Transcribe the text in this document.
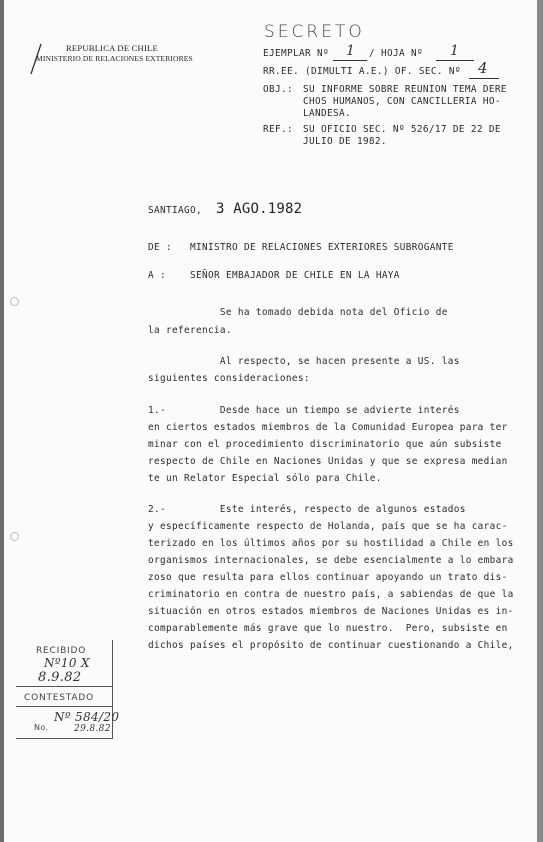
REPUBLICA DE CHILE
MINISTERIO DE RELACIONES EXTERIORES
SECRETO
EJEMPLAR Nº 1 / HOJA Nº 1
RR.EE. (DIMULTI A.E.) OF. SEC. Nº 4
OBJ.: SU INFORME SOBRE REUNION TEMA DERE
CHOS HUMANOS, CON CANCILLERIA HO-
LANDESA.
REF.: SU OFICIO SEC. Nº 526/17 DE 22 DE
JULIO DE 1982.
SANTIAGO, 3 AGO.1982
DE : MINISTRO DE RELACIONES EXTERIORES SUBROGANTE
A :	SEÑOR EMBAJADOR DE CHILE EN LA HAYA
Se ha tomado debida nota del Oficio de
la referencia.
Al respecto, se hacen presente a US. las
siguientes consideraciones:
1.-         Desde hace un tiempo se advierte interés
en ciertos estados miembros de la Comunidad Europea para ter
minar con el procedimiento discriminatorio que aún subsiste
respecto de Chile en Naciones Unidas y que se expresa median
te un Relator Especial sólo para Chile.
2.-         Este interés, respecto de algunos estados
y específicamente respecto de Holanda, país que se ha carac-
terizado en los últimos años por su hostilidad a Chile en los
organismos internacionales, se debe esencialmente a lo embara
zoso que resulta para ellos continuar apoyando un trato dis-
criminatorio en contra de nuestro país, a sabiendas de que la
situación en otros estados miembros de Naciones Unidas es in-
comparablemente más grave que lo nuestro.  Pero, subsiste en
dichos países el propósito de continuar cuestionando a Chile,
RECIBIDO
Nº10 X
8.9.82
CONTESTADO
No.
Nº 584/20
29.8.82
